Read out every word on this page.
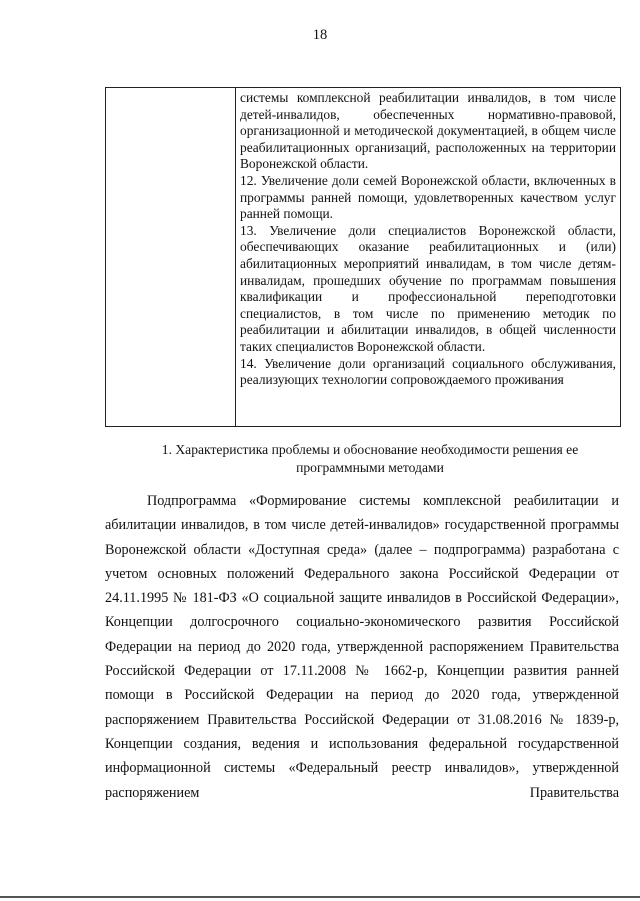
18

системы комплексной реабилитации инвалидов, в том числе детей-инвалидов, обеспеченных нормативно-правовой, организационной и методической документацией, в общем числе реабилитационных организаций, расположенных на территории Воронежской области.

12. Увеличение доли семей Воронежской области, включенных в программы ранней помощи, удовлетворенных качеством услуг ранней помощи.

13. Увеличение доли специалистов Воронежской области, обеспечивающих оказание реабилитационных и (или) абилитационных мероприятий инвалидам, в том числе детям-инвалидам, прошедших обучение по программам повышения квалификации и профессиональной переподготовки специалистов, в том числе по применению методик по реабилитации и абилитации инвалидов, в общей численности таких специалистов Воронежской области.

14. Увеличение доли организаций социального обслуживания, реализующих технологии сопровождаемого проживания

1. Характеристика проблемы и обоснование необходимости решения ее программными методами

Подпрограмма «Формирование системы комплексной реабилитации и абилитации инвалидов, в том числе детей-инвалидов» государственной программы Воронежской области «Доступная среда» (далее – подпрограмма) разработана с учетом основных положений Федерального закона Российской Федерации от 24.11.1995 № 181-ФЗ «О социальной защите инвалидов в Российской Федерации», Концепции долгосрочного социально-экономического развития Российской Федерации на период до 2020 года, утвержденной распоряжением Правительства Российской Федерации от 17.11.2008 № 1662-р, Концепции развития ранней помощи в Российской Федерации на период до 2020 года, утвержденной распоряжением Правительства Российской Федерации от 31.08.2016 № 1839-р, Концепции создания, ведения и использования федеральной государственной информационной системы «Федеральный реестр инвалидов», утвержденной распоряжением Правительства
